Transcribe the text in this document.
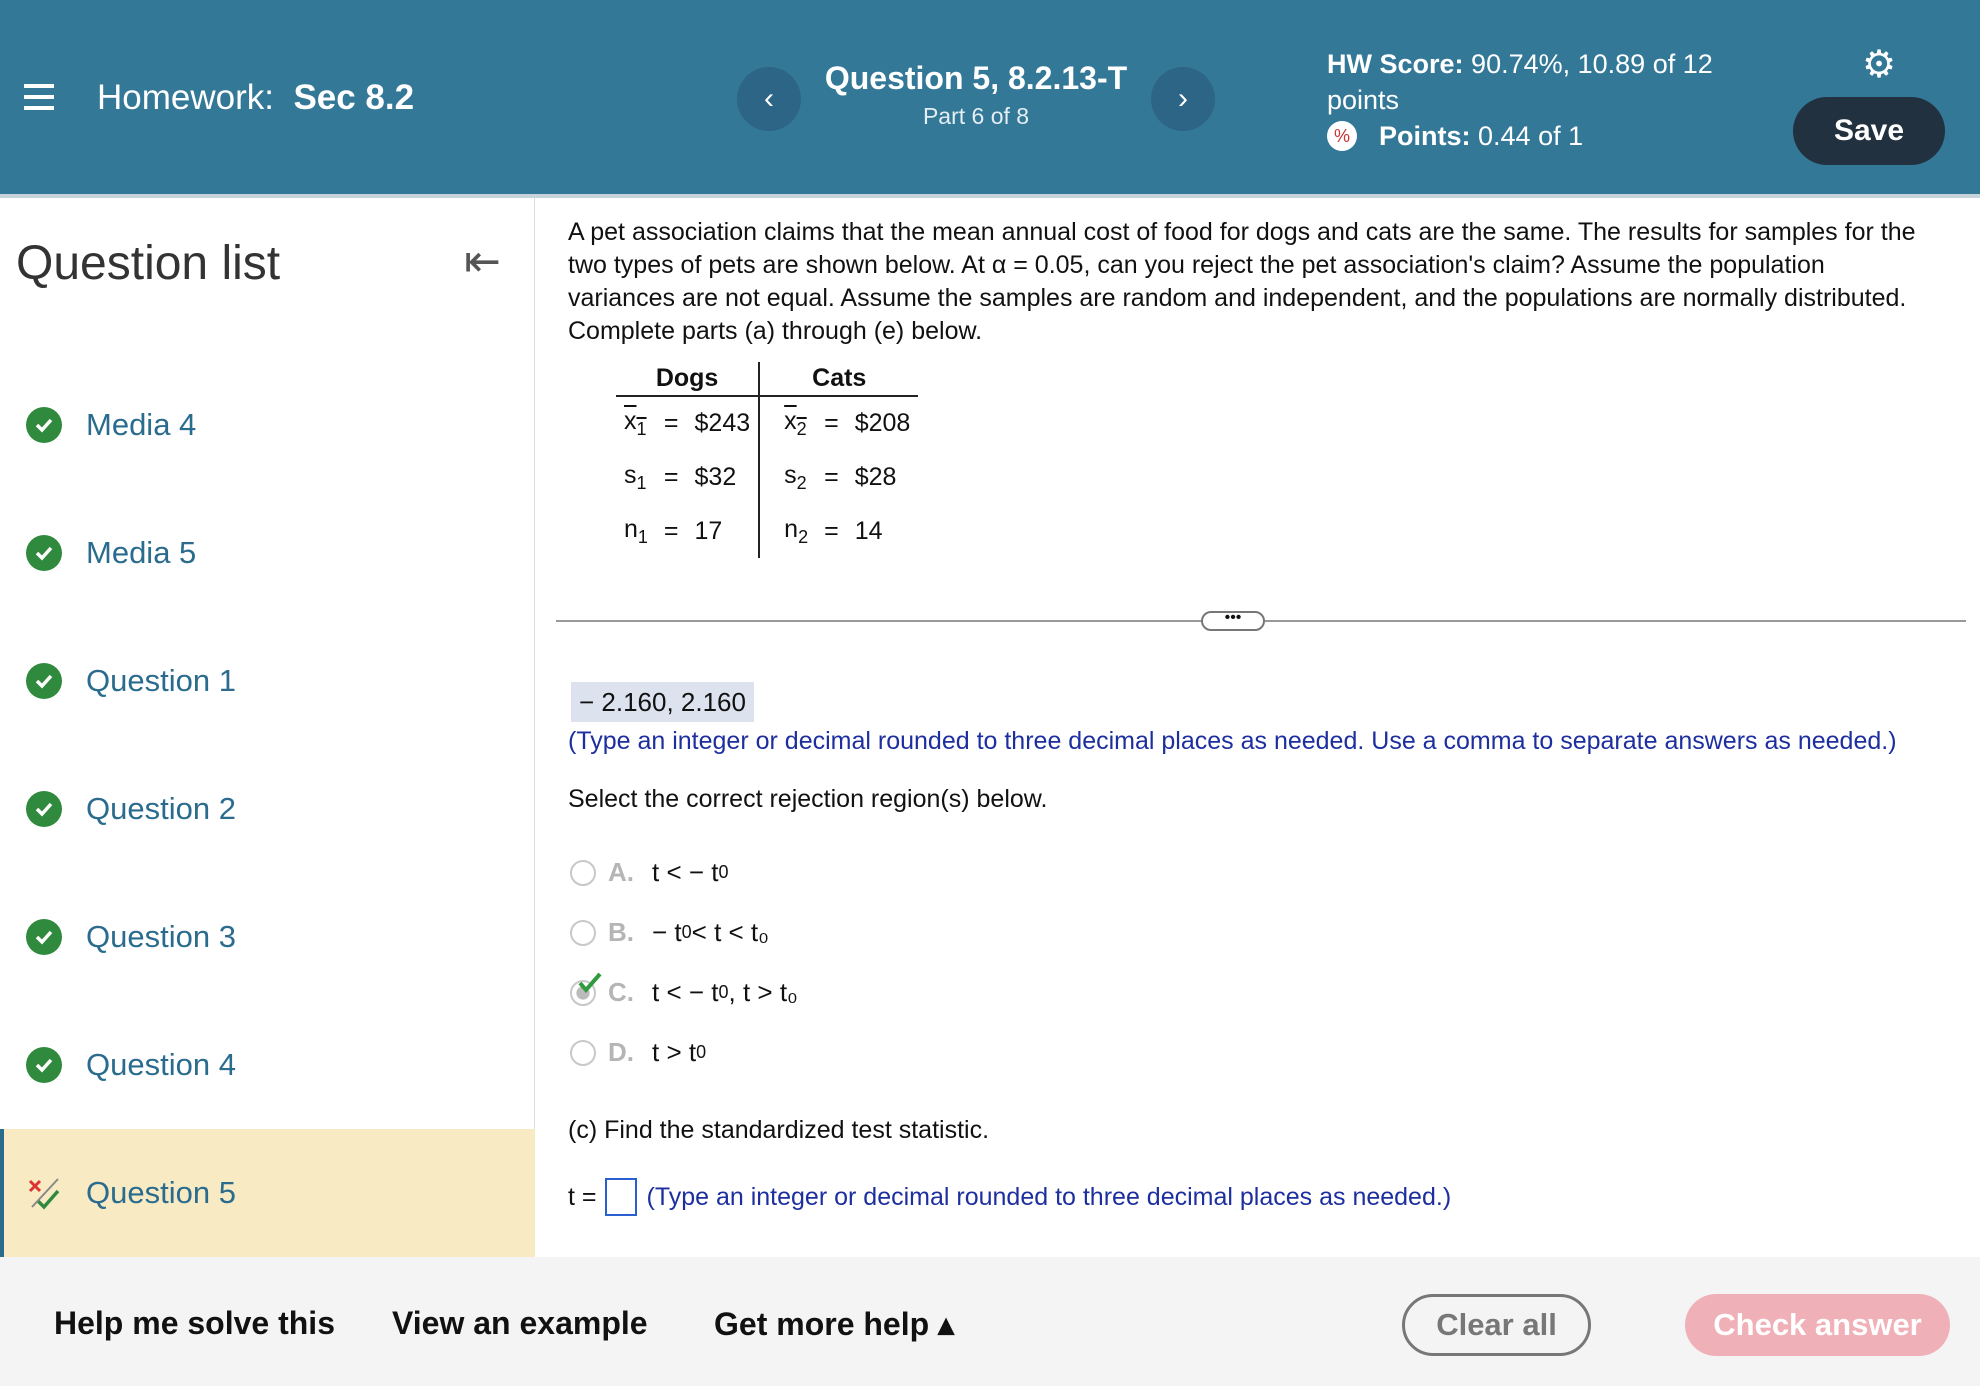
Homework: Sec 8.2	‹
Question 5, 8.2.13-T
Part 6 of 8
›
HW Score: 90.74%, 10.89 of 12
points
% Points:
0.44 of 1
⚙
Save
Question list	⇤
Media 4
Media 5
Question 1
Question 2
Question 3
Question 4
Question 5
A pet association claims that the mean annual cost of food for dogs and cats are the same. The results for samples for the two types of pets are shown below. At α = 0.05, can you reject the pet association's claim? Assume the population variances are not equal. Assume the samples are random and independent, and the populations are normally distributed. Complete parts (a) through (e) below.
Dogs			Cats		
$x_1$	=	$243	$x_2$	=	$208
$s_1$	=	$32	$s_2$	=	$28
$n_1$	=	17	$n_2$	=	14
•••
− 2.160, 2.160
(Type an integer or decimal rounded to three decimal places as needed. Use a comma to separate answers as needed.)
Select the correct rejection region(s) below.
A. t < − t 0
B. − t 0 < t < t₀
C. t < − t 0 , t > t₀
D. t > t 0
(c) Find the standardized test statistic.
t = (Type an integer or decimal rounded to three decimal places as needed.)
Help me solve this View an example Get more help ▴	Clear all	Check answer
